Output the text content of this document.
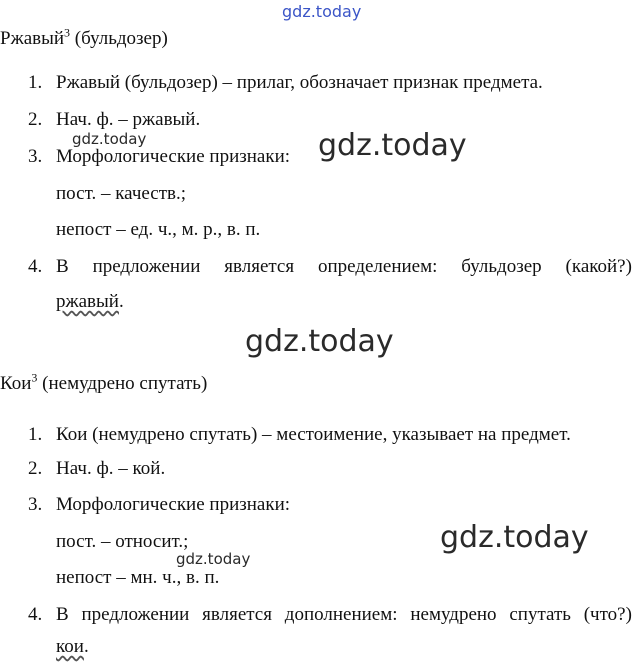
gdz.today
Ржавый$^3$ (бульдозер)
1. Ржавый (бульдозер) – прилаг, обозначает признак предмета.
2. Нач. ф. – ржавый.
3. Морфологические признаки:
пост. – качеств.;
непост – ед. ч., м. р., в. п.
4. В предложении является определением: бульдозер (какой?)
ржавый.
Кои$^3$ (немудрено спутать)
1. Кои (немудрено спутать) – местоимение, указывает на предмет.
2. Нач. ф. – кой.
3. Морфологические признаки:
пост. – относит.;
непост – мн. ч., в. п.
4. В предложении является дополнением: немудрено спутать (что?)
кои.
gdz.today	gdz.today
gdz.today
gdz.today
gdz.today
